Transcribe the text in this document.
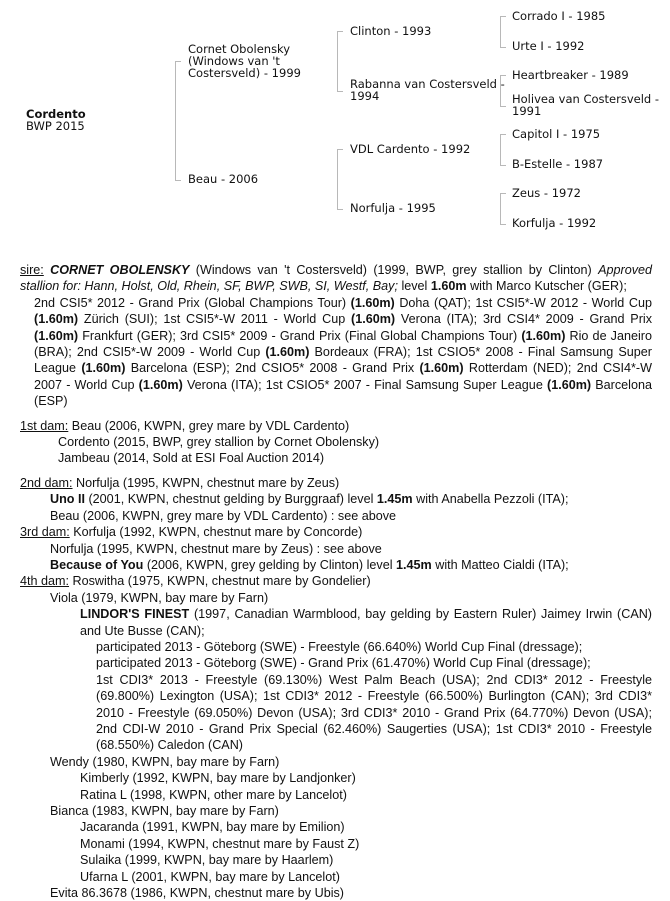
Cordento
BWP 2015
Cornet Obolensky
(Windows van 't
Costersveld) - 1999
Beau - 2006
Clinton - 1993
Rabanna van Costersveld -
1994
VDL Cardento - 1992
Norfulja - 1995
Corrado I - 1985
Urte I - 1992
Heartbreaker - 1989
Holivea van Costersveld -
1991
Capitol I - 1975
B-Estelle - 1987
Zeus - 1972
Korfulja - 1992
sire: CORNET OBOLENSKY (Windows van 't Costersveld) (1999, BWP, grey stallion by Clinton) Approved stallion for: Hann, Holst, Old, Rhein, SF, BWP, SWB, SI, Westf, Bay; level 1.60m with Marco Kutscher (GER);
2nd CSI5* 2012 - Grand Prix (Global Champions Tour) (1.60m) Doha (QAT); 1st CSI5*-W 2012 - World Cup (1.60m) Zürich (SUI); 1st CSI5*-W 2011 - World Cup (1.60m) Verona (ITA); 3rd CSI4* 2009 - Grand Prix (1.60m) Frankfurt (GER); 3rd CSI5* 2009 - Grand Prix (Final Global Champions Tour) (1.60m) Rio de Janeiro (BRA); 2nd CSI5*-W 2009 - World Cup (1.60m) Bordeaux (FRA); 1st CSIO5* 2008 - Final Samsung Super League (1.60m) Barcelona (ESP); 2nd CSIO5* 2008 - Grand Prix (1.60m) Rotterdam (NED); 2nd CSI4*-W 2007 - World Cup (1.60m) Verona (ITA); 1st CSIO5* 2007 - Final Samsung Super League (1.60m) Barcelona (ESP)
1st dam: Beau (2006, KWPN, grey mare by VDL Cardento)
Cordento (2015, BWP, grey stallion by Cornet Obolensky)
Jambeau (2014, Sold at ESI Foal Auction 2014)
2nd dam: Norfulja (1995, KWPN, chestnut mare by Zeus)
Uno II (2001, KWPN, chestnut gelding by Burggraaf) level 1.45m with Anabella Pezzoli (ITA);
Beau (2006, KWPN, grey mare by VDL Cardento) : see above
3rd dam: Korfulja (1992, KWPN, chestnut mare by Concorde)
Norfulja (1995, KWPN, chestnut mare by Zeus) : see above
Because of You (2006, KWPN, grey gelding by Clinton) level 1.45m with Matteo Cialdi (ITA);
4th dam: Roswitha (1975, KWPN, chestnut mare by Gondelier)
Viola (1979, KWPN, bay mare by Farn)
LINDOR'S FINEST (1997, Canadian Warmblood, bay gelding by Eastern Ruler) Jaimey Irwin (CAN) and Ute Busse (CAN);
participated 2013 - Göteborg (SWE) - Freestyle (66.640%) World Cup Final (dressage);
participated 2013 - Göteborg (SWE) - Grand Prix (61.470%) World Cup Final (dressage);
1st CDI3* 2013 - Freestyle (69.130%) West Palm Beach (USA); 2nd CDI3* 2012 - Freestyle (69.800%) Lexington (USA); 1st CDI3* 2012 - Freestyle (66.500%) Burlington (CAN); 3rd CDI3* 2010 - Freestyle (69.050%) Devon (USA); 3rd CDI3* 2010 - Grand Prix (64.770%) Devon (USA); 2nd CDI-W 2010 - Grand Prix Special (62.460%) Saugerties (USA); 1st CDI3* 2010 - Freestyle (68.550%) Caledon (CAN)
Wendy (1980, KWPN, bay mare by Farn)
Kimberly (1992, KWPN, bay mare by Landjonker)
Ratina L (1998, KWPN, other mare by Lancelot)
Bianca (1983, KWPN, bay mare by Farn)
Jacaranda (1991, KWPN, bay mare by Emilion)
Monami (1994, KWPN, chestnut mare by Faust Z)
Sulaika (1999, KWPN, bay mare by Haarlem)
Ufarna L (2001, KWPN, bay mare by Lancelot)
Evita 86.3678 (1986, KWPN, chestnut mare by Ubis)
